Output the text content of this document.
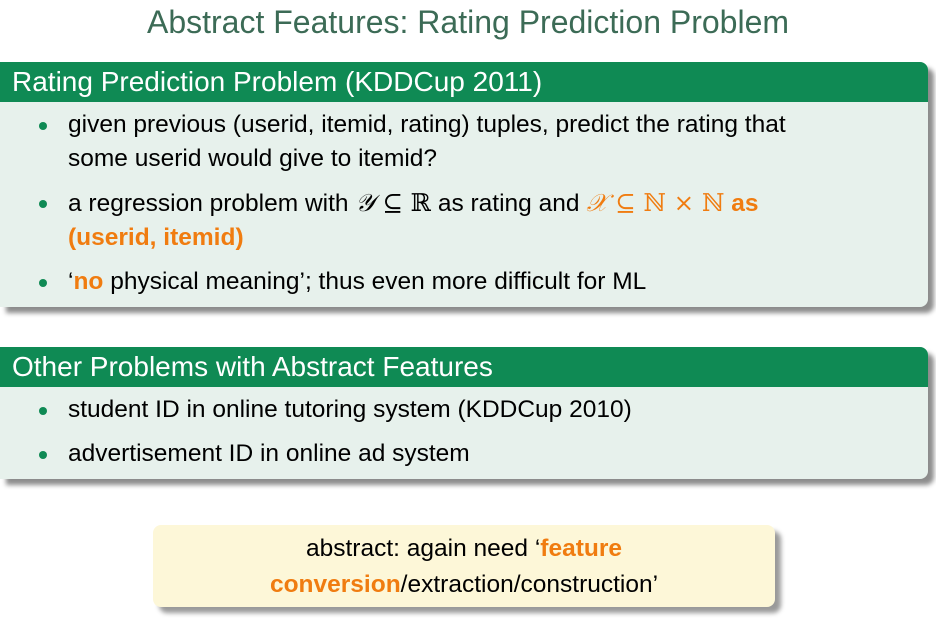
Abstract Features: Rating Prediction Problem
Rating Prediction Problem (KDDCup 2011)
given previous (userid, itemid, rating) tuples, predict the rating that
some userid would give to itemid?
a regression problem with 𝒴 ⊆ ℝ as rating and 𝒳 ⊆ ℕ × ℕ as
(userid, itemid)
‘no physical meaning’; thus even more difficult for ML
Other Problems with Abstract Features
student ID in online tutoring system (KDDCup 2010)
advertisement ID in online ad system
abstract: again need ‘feature
conversion/extraction/construction’
